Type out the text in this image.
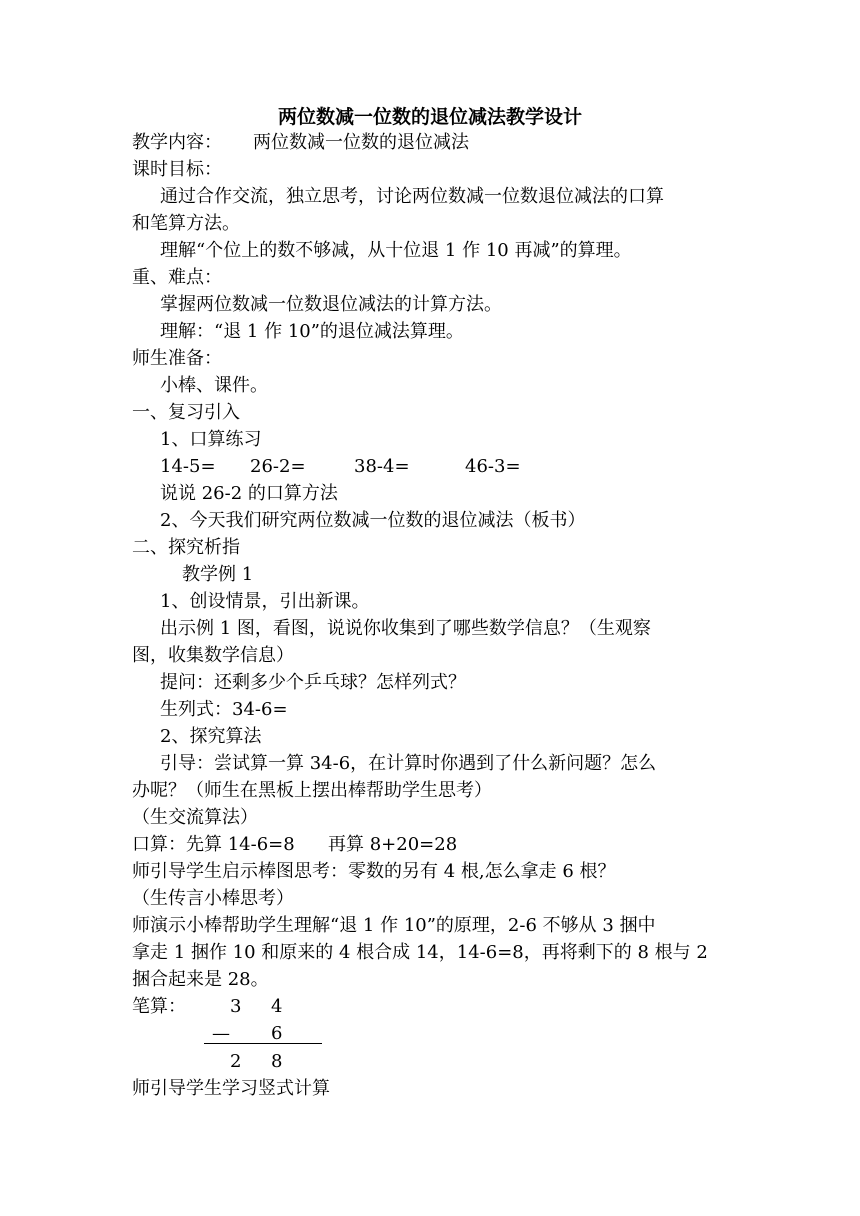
两位数减一位数的退位减法教学设计
教学内容： 两位数减一位数的退位减法
课时目标：
通过合作交流，独立思考，讨论两位数减一位数退位减法的口算
和笔算方法。
理解“个位上的数不够减，从十位退 1 作 10 再减”的算理。
重、难点：
掌握两位数减一位数退位减法的计算方法。
理解：“退 1 作 10”的退位减法算理。
师生准备：
小棒、课件。
一、复习引入
1、口算练习
14-5= 26-2=	38-4=	46-3=
说说 26-2 的口算方法
2、今天我们研究两位数减一位数的退位减法（板书）
二、探究析指
教学例 1
1、创设情景，引出新课。
出示例 1 图，看图，说说你收集到了哪些数学信息？（生观察
图，收集数学信息）
提问：还剩多少个乒乓球？怎样列式？
生列式：34-6=
2、探究算法
引导：尝试算一算 34-6，在计算时你遇到了什么新问题？怎么
办呢？（师生在黑板上摆出棒帮助学生思考）
（生交流算法）
口算：先算 14-6=8 再算 8+20=28
师引导学生启示棒图思考：零数的另有 4 根,怎么拿走 6 根？
（生传言小棒思考）
师演示小棒帮助学生理解“退 1 作 10”的原理，2-6 不够从 3 捆中
拿走 1 捆作 10 和原来的 4 根合成 14，14-6=8，再将剩下的 8 根与 2
捆合起来是 28。
笔算： 3 4
— 6
2 8
师引导学生学习竖式计算
